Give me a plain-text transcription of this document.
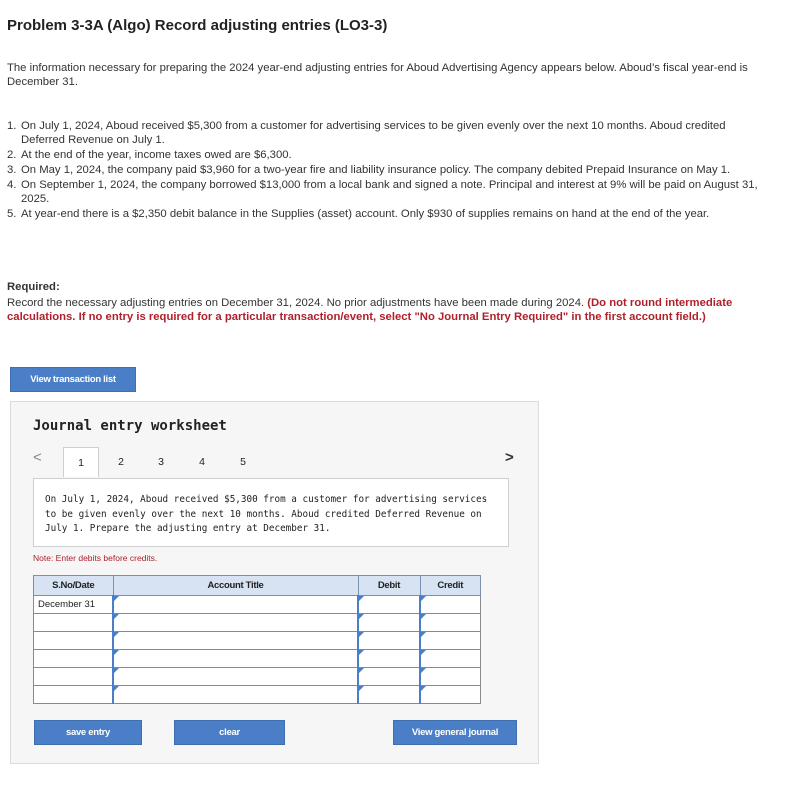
Problem 3-3A (Algo) Record adjusting entries (LO3-3)
The information necessary for preparing the 2024 year-end adjusting entries for Aboud Advertising Agency appears below. Aboud’s fiscal year-end is December 31.
1. On July 1, 2024, Aboud received $5,300 from a customer for advertising services to be given evenly over the next 10 months. Aboud credited Deferred Revenue on July 1.
2. At the end of the year, income taxes owed are $6,300.
3. On May 1, 2024, the company paid $3,960 for a two-year fire and liability insurance policy. The company debited Prepaid Insurance on May 1.
4. On September 1, 2024, the company borrowed $13,000 from a local bank and signed a note. Principal and interest at 9% will be paid on August 31, 2025.
5. At year-end there is a $2,350 debit balance in the Supplies (asset) account. Only $930 of supplies remains on hand at the end of the year.
Required:
Record the necessary adjusting entries on December 31, 2024. No prior adjustments have been made during 2024. (Do not round intermediate calculations. If no entry is required for a particular transaction/event, select "No Journal Entry Required" in the first account field.)
View transaction list
Journal entry worksheet
<	1	2	3	4	5	>
On July 1, 2024, Aboud received $5,300 from a customer for advertising services to be given evenly over the next 10 months. Aboud credited Deferred Revenue on July 1. Prepare the adjusting entry at December 31.
Note: Enter debits before credits.
S.No/Date	Account Title	Debit	Credit
December 31	

save entry	clear	View general journal
